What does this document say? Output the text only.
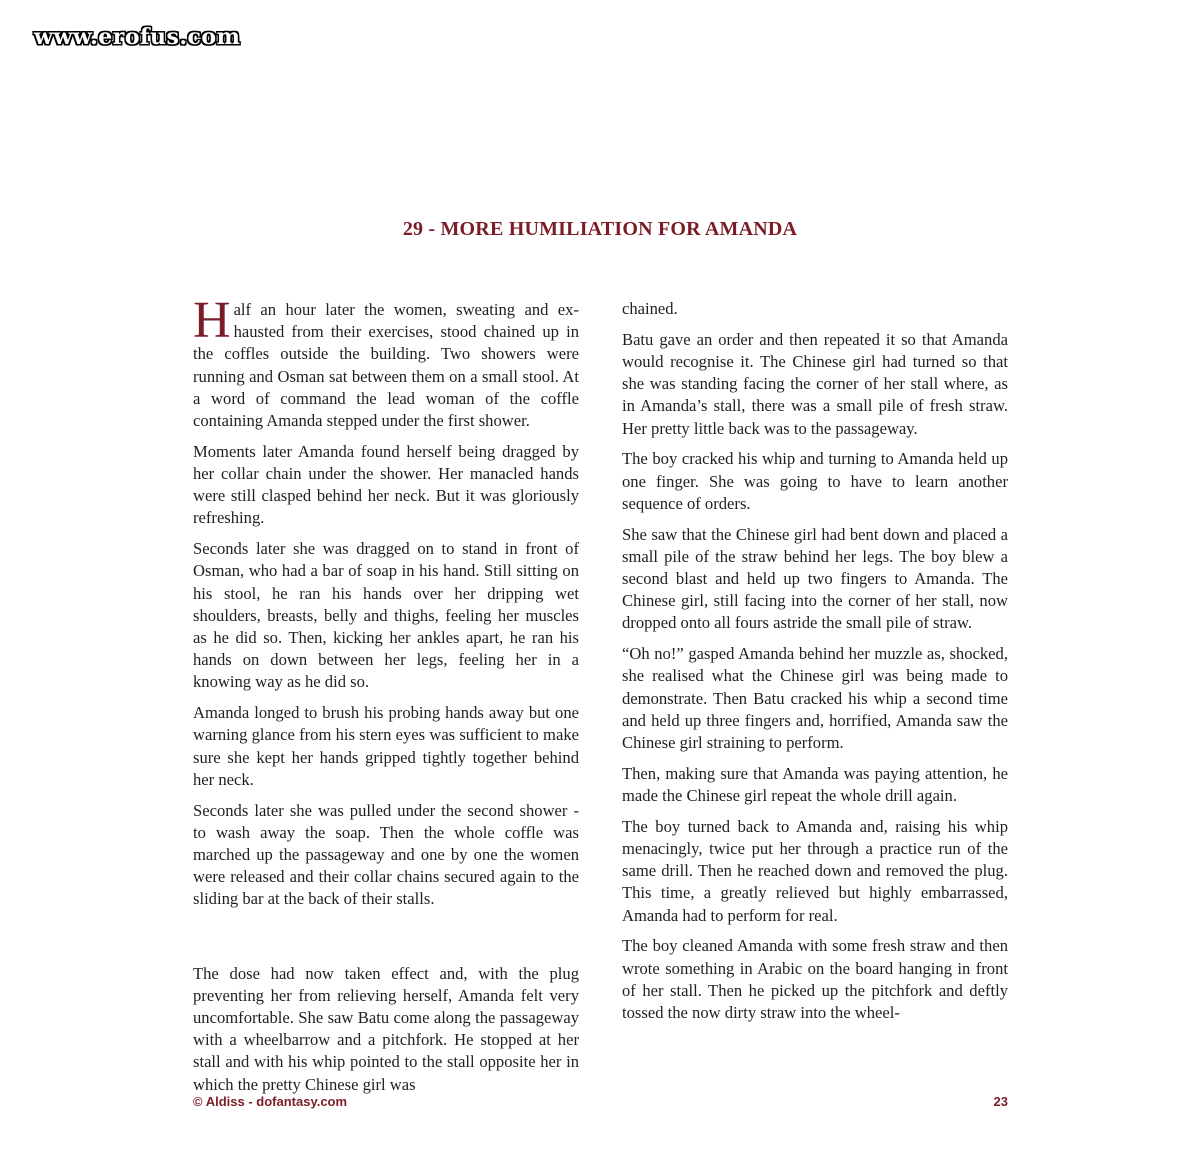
www.erofus.com
29 - MORE HUMILIATION FOR AMANDA

Half an hour later the women, sweating and exhausted from their exercises, stood chained up in the coffles outside the building. Two showers were running and Osman sat between them on a small stool. At a word of command the lead woman of the coffle containing Amanda stepped under the first shower.

Moments later Amanda found herself being dragged by her collar chain under the shower. Her manacled hands were still clasped behind her neck. But it was gloriously refreshing.

Seconds later she was dragged on to stand in front of Osman, who had a bar of soap in his hand. Still sitting on his stool, he ran his hands over her dripping wet shoulders, breasts, belly and thighs, feeling her muscles as he did so. Then, kicking her ankles apart, he ran his hands on down between her legs, feeling her in a knowing way as he did so.

Amanda longed to brush his probing hands away but one warning glance from his stern eyes was sufficient to make sure she kept her hands gripped tightly together behind her neck.

Seconds later she was pulled under the second shower - to wash away the soap. Then the whole coffle was marched up the passageway and one by one the women were released and their collar chains secured again to the sliding bar at the back of their stalls.

The dose had now taken effect and, with the plug preventing her from relieving herself, Amanda felt very uncomfortable. She saw Batu come along the passageway with a wheelbarrow and a pitchfork. He stopped at her stall and with his whip pointed to the stall opposite her in which the pretty Chinese girl was

chained.

Batu gave an order and then repeated it so that Amanda would recognise it. The Chinese girl had turned so that she was standing facing the corner of her stall where, as in Amanda’s stall, there was a small pile of fresh straw. Her pretty little back was to the passageway.

The boy cracked his whip and turning to Amanda held up one finger. She was going to have to learn another sequence of orders.

She saw that the Chinese girl had bent down and placed a small pile of the straw behind her legs. The boy blew a second blast and held up two fingers to Amanda. The Chinese girl, still facing into the corner of her stall, now dropped onto all fours astride the small pile of straw.

“Oh no!” gasped Amanda behind her muzzle as, shocked, she realised what the Chinese girl was being made to demonstrate. Then Batu cracked his whip a second time and held up three fingers and, horrified, Amanda saw the Chinese girl straining to perform.

Then, making sure that Amanda was paying attention, he made the Chinese girl repeat the whole drill again.

The boy turned back to Amanda and, raising his whip menacingly, twice put her through a practice run of the same drill. Then he reached down and removed the plug. This time, a greatly relieved but highly embarrassed, Amanda had to perform for real.

The boy cleaned Amanda with some fresh straw and then wrote something in Arabic on the board hanging in front of her stall. Then he picked up the pitchfork and deftly tossed the now dirty straw into the wheel-

© Aldiss - dofantasy.com	23
